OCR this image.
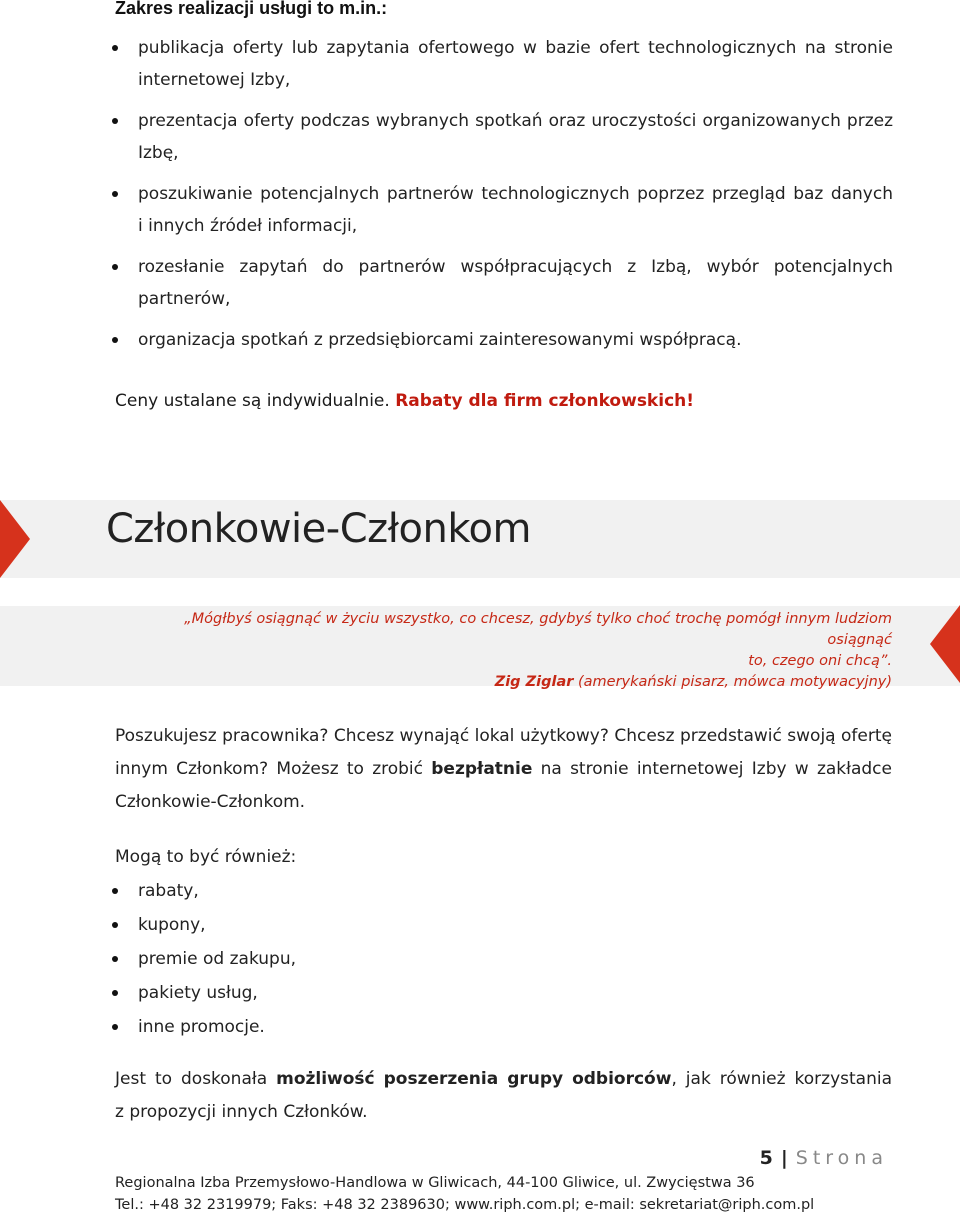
Zakres realizacji usługi to m.in.:
publikacja oferty lub zapytania ofertowego w bazie ofert technologicznych na stronie
internetowej Izby,
prezentacja oferty podczas wybranych spotkań oraz uroczystości organizowanych przez
Izbę,
poszukiwanie potencjalnych partnerów technologicznych poprzez przegląd baz danych
i innych źródeł informacji,
rozesłanie zapytań do partnerów współpracujących z Izbą, wybór potencjalnych
partnerów,
organizacja spotkań z przedsiębiorcami zainteresowanymi współpracą.
Ceny ustalane są indywidualnie. Rabaty dla firm członkowskich!
Członkowie-Członkom
„Mógłbyś osiągnąć w życiu wszystko, co chcesz, gdybyś tylko choć trochę pomógł innym ludziom osiągnąć
to, czego oni chcą”.
Zig Ziglar (amerykański pisarz, mówca motywacyjny)
Poszukujesz pracownika? Chcesz wynająć lokal użytkowy? Chcesz przedstawić swoją ofertę
innym Członkom? Możesz to zrobić bezpłatnie na stronie internetowej Izby w zakładce
Członkowie-Członkom.
Mogą to być również:
rabaty,
kupony,
premie od zakupu,
pakiety usług,
inne promocje.
Jest to doskonała możliwość poszerzenia grupy odbiorców, jak również korzystania
z propozycji innych Członków.
5 | Strona
Regionalna Izba Przemysłowo-Handlowa w Gliwicach, 44-100 Gliwice, ul. Zwycięstwa 36
Tel.: +48 32 2319979; Faks: +48 32 2389630; www.riph.com.pl; e-mail: sekretariat@riph.com.pl
